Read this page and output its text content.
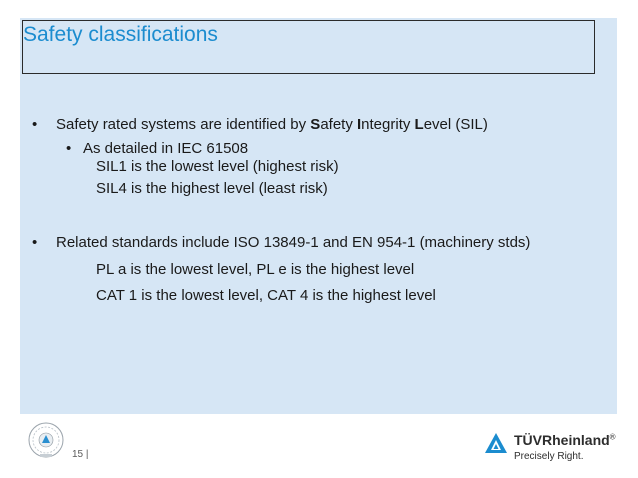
Safety classifications
• Safety rated systems are identified by Safety Integrity Level (SIL)
• As detailed in IEC 61508
SIL1 is the lowest level (highest risk)
SIL4 is the highest level (least risk)
• Related standards include ISO 13849-1 and EN 954-1 (machinery stds)
PL a is the lowest level, PL e is the highest level
CAT 1 is the lowest level, CAT 4 is the highest level
15 |
TÜVRheinland®
Precisely Right.
